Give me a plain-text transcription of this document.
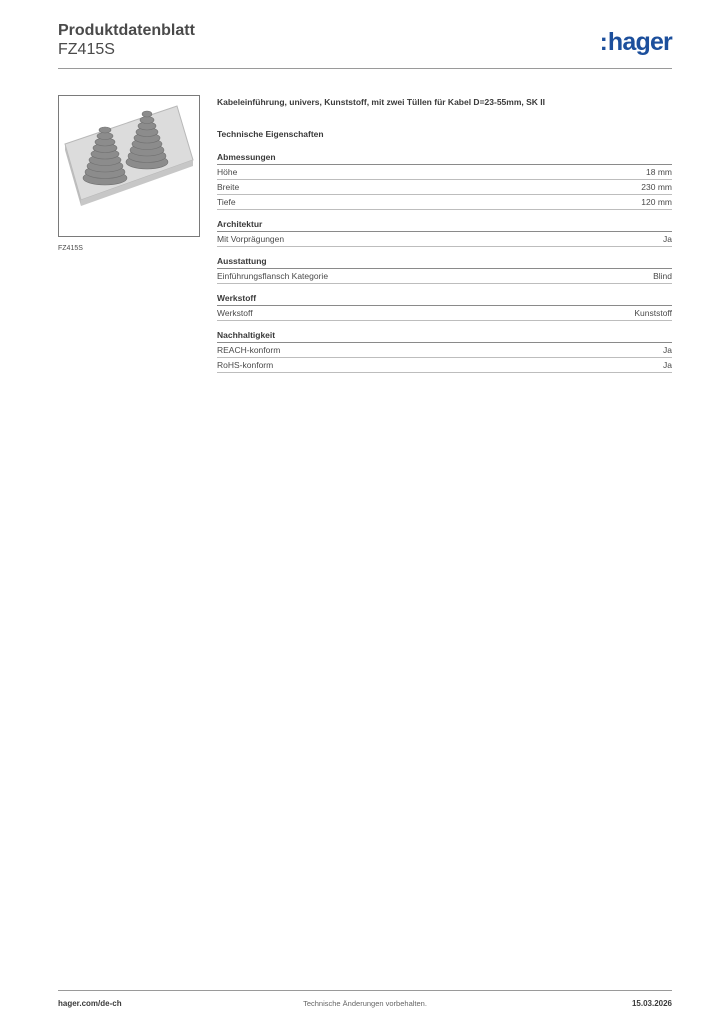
Produktdatenblatt
FZ415S	:hager
FZ415S
Kabeleinführung, univers, Kunststoff, mit zwei Tüllen für Kabel D=23-55mm, SK II
Technische Eigenschaften
Abmessungen
Höhe	18 mm
Breite	230 mm
Tiefe	120 mm
Architektur
Mit Vorprägungen	Ja
Ausstattung
Einführungsflansch Kategorie	Blind
Werkstoff
Werkstoff	Kunststoff
Nachhaltigkeit
REACH-konform	Ja
RoHS-konform	Ja
hager.com/de-ch	Technische Änderungen vorbehalten.	15.03.2026
